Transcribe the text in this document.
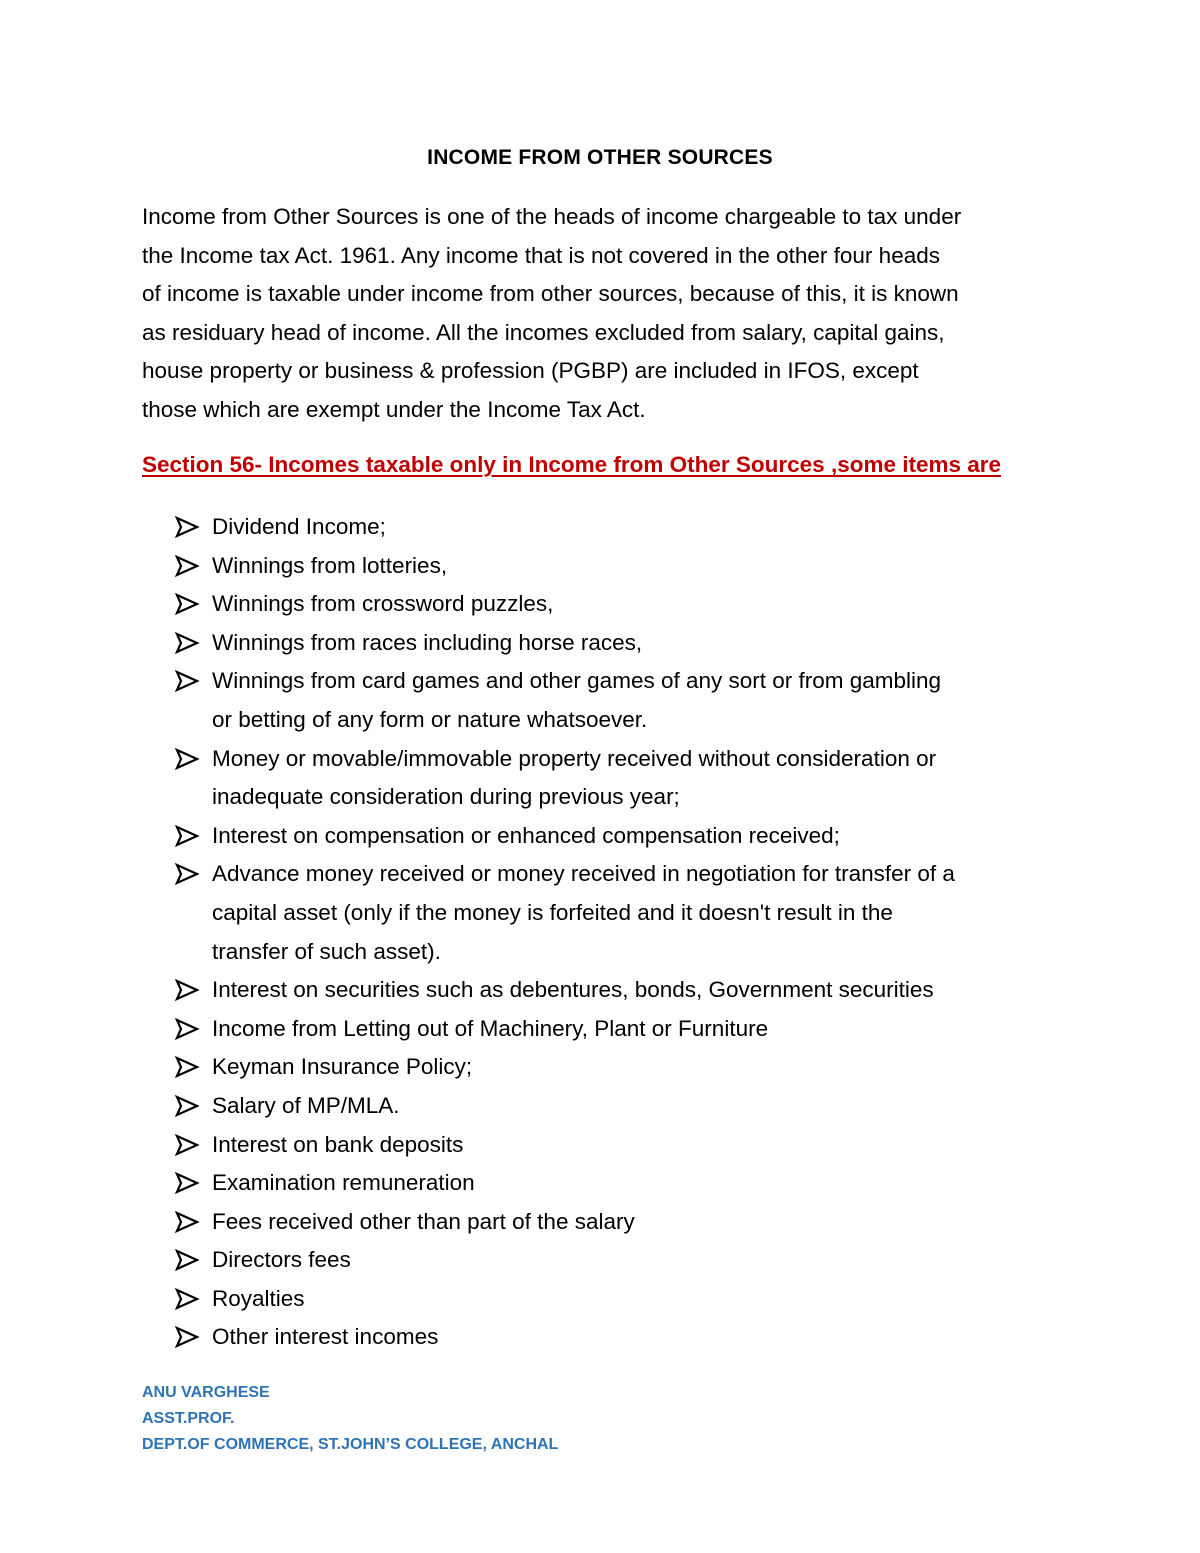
INCOME FROM OTHER SOURCES

Income from Other Sources is one of the heads of income chargeable to tax under
the Income tax Act. 1961. Any income that is not covered in the other four heads
of income is taxable under income from other sources, because of this, it is known
as residuary head of income. All the incomes excluded from salary, capital gains,
house property or business & profession (PGBP) are included in IFOS, except
those which are exempt under the Income Tax Act.

Section 56- Incomes taxable only in Income from Other Sources ,some items are
Dividend Income;
Winnings from lotteries,
Winnings from crossword puzzles,
Winnings from races including horse races,
Winnings from card games and other games of any sort or from gambling
or betting of any form or nature whatsoever.
Money or movable/immovable property received without consideration or
inadequate consideration during previous year;
Interest on compensation or enhanced compensation received;
Advance money received or money received in negotiation for transfer of a
capital asset (only if the money is forfeited and it doesn't result in the
transfer of such asset).
Interest on securities such as debentures, bonds, Government securities
Income from Letting out of Machinery, Plant or Furniture
Keyman Insurance Policy;
Salary of MP/MLA.
Interest on bank deposits
Examination remuneration
Fees received other than part of the salary
Directors fees
Royalties
Other interest incomes
ANU VARGHESE
ASST.PROF.
DEPT.OF COMMERCE, ST.JOHN’S COLLEGE, ANCHAL
